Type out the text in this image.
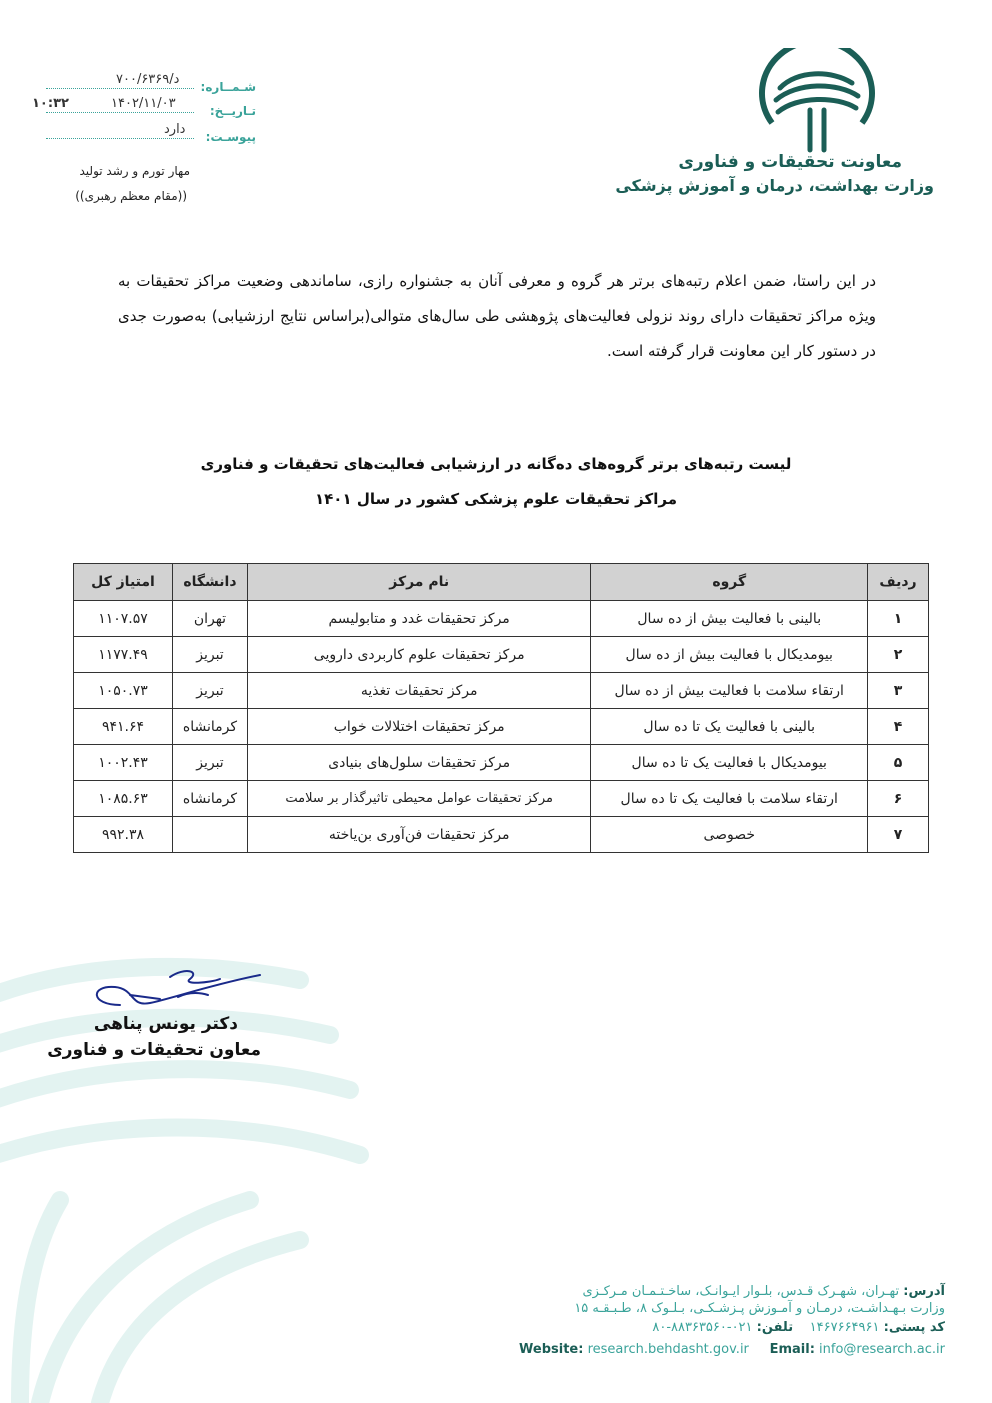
معاونت تحقیقات و فناوری
وزارت بهداشت، درمان و آموزش پزشکی
شـمــاره:
۷۰۰/۶۳۶۹/د
تـاریــخ:
۱۴۰۲/۱۱/۰۳
۱۰:۳۲
پیوسـت:
دارد
مهار تورم و رشد تولید
((مقام معظم رهبری))
در این راستا، ضمن اعلام رتبه‌های برتر هر گروه و معرفی آنان به جشنواره رازی، ساماندهی وضعیت مراکز تحقیقات به ویژه مراکز تحقیقات دارای روند نزولی فعالیت‌های پژوهشی طی سال‌های متوالی(براساس نتایج ارزشیابی) به‌صورت جدی در دستور کار این معاونت قرار گرفته است.
لیست رتبه‌های برتر گروه‌های ده‌گانه در ارزشیابی فعالیت‌های تحقیقات و فناوری
مراکز تحقیقات علوم پزشکی کشور در سال ۱۴۰۱
ردیف	گروه	نام مرکز	دانشگاه	امتیاز کل
۱	بالینی با فعالیت بیش از ده سال	مرکز تحقیقات غدد و متابولیسم	تهران	۱۱۰۷.۵۷
۲	بیومدیکال با فعالیت بیش از ده سال	مرکز تحقیقات علوم کاربردی دارویی	تبریز	۱۱۷۷.۴۹
۳	ارتقاء سلامت با فعالیت بیش از ده سال	مرکز تحقیقات تغذیه	تبریز	۱۰۵۰.۷۳
۴	بالینی با فعالیت یک تا ده سال	مرکز تحقیقات اختلالات خواب	کرمانشاه	۹۴۱.۶۴
۵	بیومدیکال با فعالیت یک تا ده سال	مرکز تحقیقات سلول‌های بنیادی	تبریز	۱۰۰۲.۴۳
۶	ارتقاء سلامت با فعالیت یک تا ده سال	مرکز تحقیقات عوامل محیطی تاثیرگذار بر سلامت	کرمانشاه	۱۰۸۵.۶۳
۷	خصوصی	مرکز تحقیقات فن‌آوری بن‌یاخته		۹۹۲.۳۸
دکتر یونس پناهی
معاون تحقیقات و فناوری
آدرس: تهـران، شهـرک قـدس، بلـوار ایـوانـک، ساخـتـمـان مـرکـزی
وزارت بـهـداشـت، درمـان و آمـوزش پـزشـکـی، بـلـوک ۸، طـبـقـه ۱۵
کد پستی: ۱۴۶۷۶۶۴۹۶۱    تلفن: ۰۲۱-۸۸۳۶۳۵۶۰-۸۰
Website: research.behdasht.gov.ir Email: info@research.ac.ir
